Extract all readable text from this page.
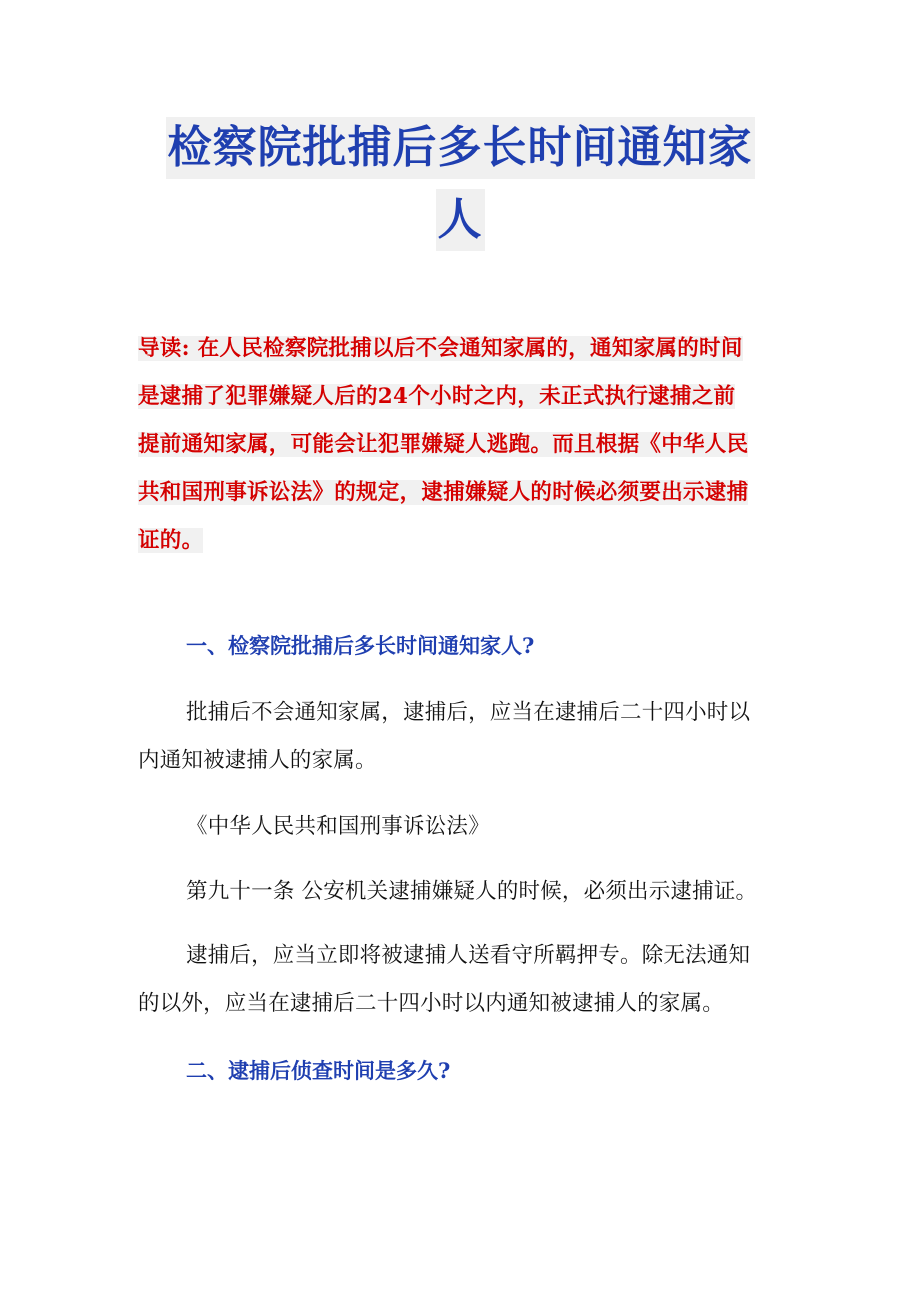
检察院批捕后多长时间通知家
人
导读: 在人民检察院批捕以后不会通知家属的，通知家属的时间
是逮捕了犯罪嫌疑人后的24个小时之内，未正式执行逮捕之前
提前通知家属，可能会让犯罪嫌疑人逃跑。而且根据《中华人民
共和国刑事诉讼法》的规定，逮捕嫌疑人的时候必须要出示逮捕
证的。
一、检察院批捕后多长时间通知家人?
批捕后不会通知家属，逮捕后，应当在逮捕后二十四小时以
内通知被逮捕人的家属。
《中华人民共和国刑事诉讼法》
第九十一条 公安机关逮捕嫌疑人的时候，必须出示逮捕证。
逮捕后，应当立即将被逮捕人送看守所羁押专。除无法通知
的以外，应当在逮捕后二十四小时以内通知被逮捕人的家属。
二、逮捕后侦查时间是多久?
